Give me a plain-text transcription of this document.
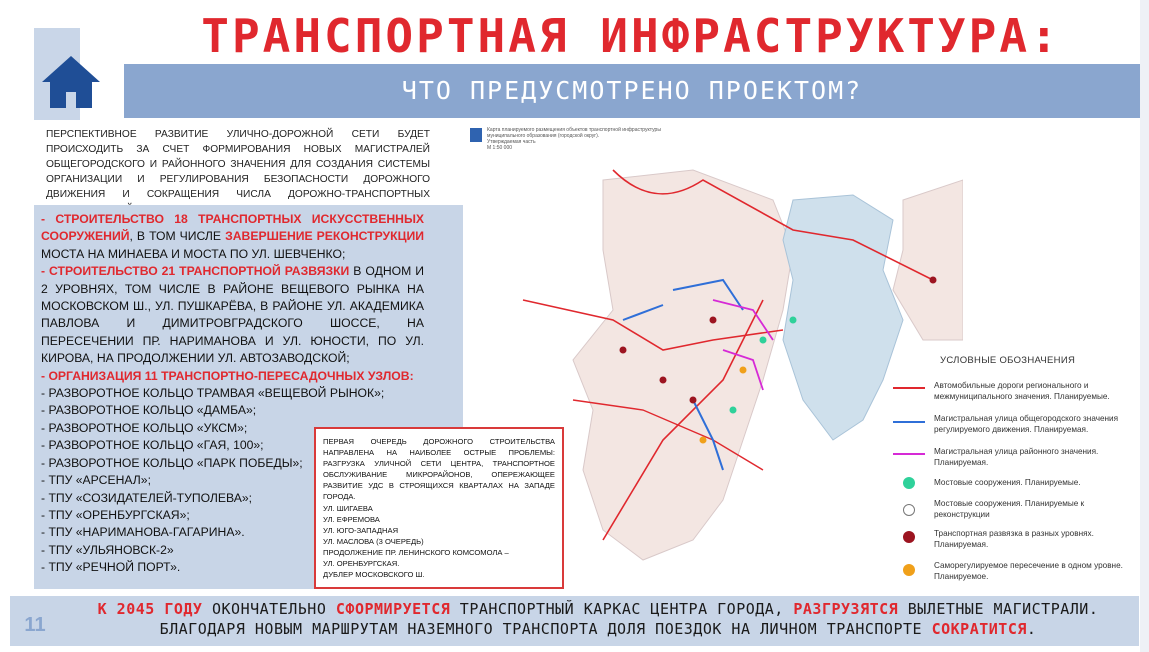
ТРАНСПОРТНАЯ ИНФРАСТРУКТУРА:
ЧТО ПРЕДУСМОТРЕНО ПРОЕКТОМ?
ПЕРСПЕКТИВНОЕ РАЗВИТИЕ УЛИЧНО-ДОРОЖНОЙ СЕТИ БУДЕТ ПРОИСХОДИТЬ ЗА СЧЕТ ФОРМИРОВАНИЯ НОВЫХ МАГИСТРАЛЕЙ ОБЩЕГОРОДСКОГО И РАЙОННОГО ЗНАЧЕНИЯ ДЛЯ СОЗДАНИЯ СИСТЕМЫ ОРГАНИЗАЦИИ И РЕГУЛИРОВАНИЯ БЕЗОПАСНОСТИ ДОРОЖНОГО ДВИЖЕНИЯ И СОКРАЩЕНИЯ ЧИСЛА ДОРОЖНО-ТРАНСПОРТНЫХ

- СТРОИТЕЛЬСТВО 18 ТРАНСПОРТНЫХ ИСКУССТВЕННЫХ СООРУЖЕНИЙ, В ТОМ ЧИСЛЕ ЗАВЕРШЕНИЕ РЕКОНСТРУКЦИИ МОСТА НА МИНАЕВА И МОСТА ПО УЛ. ШЕВЧЕНКО;

- СТРОИТЕЛЬСТВО 21 ТРАНСПОРТНОЙ РАЗВЯЗКИ В ОДНОМ И 2 УРОВНЯХ, ТОМ ЧИСЛЕ В РАЙОНЕ ВЕЩЕВОГО РЫНКА НА МОСКОВСКОМ Ш., УЛ. ПУШКАРЁВА, В РАЙОНЕ УЛ. АКАДЕМИКА ПАВЛОВА И ДИМИТРОВГРАДСКОГО ШОССЕ, НА ПЕРЕСЕЧЕНИИ ПР. НАРИМАНОВА И УЛ. ЮНОСТИ, ПО УЛ. КИРОВА, НА ПРОДОЛЖЕНИИ УЛ. АВТОЗАВОДСКОЙ;

- ОРГАНИЗАЦИЯ 11 ТРАНСПОРТНО-ПЕРЕСАДОЧНЫХ УЗЛОВ:

- РАЗВОРОТНОЕ КОЛЬЦО ТРАМВАЯ «ВЕЩЕВОЙ РЫНОК»;
- РАЗВОРОТНОЕ КОЛЬЦО «ДАМБА»;
- РАЗВОРОТНОЕ КОЛЬЦО «УКСМ»;
- РАЗВОРОТНОЕ КОЛЬЦО «ГАЯ, 100»;
- РАЗВОРОТНОЕ КОЛЬЦО «ПАРК ПОБЕДЫ»;
- ТПУ «АРСЕНАЛ»;
- ТПУ «СОЗИДАТЕЛЕЙ-ТУПОЛЕВА»;
- ТПУ «ОРЕНБУРГСКАЯ»;
- ТПУ «НАРИМАНОВА-ГАГАРИНА».
- ТПУ «УЛЬЯНОВСК-2»
- ТПУ «РЕЧНОЙ ПОРТ».
Карта планируемого размещения объектов транспортной инфраструктуры
муниципального образования (городской округ).
Утверждаемая часть
М 1:50 000
УСЛОВНЫЕ ОБОЗНАЧЕНИЯ
Автомобильные дороги регионального и межмуниципального значения. Планируемые.
Магистральная улица общегородского значения регулируемого движения. Планируемая.
Магистральная улица районного значения. Планируемая.
Мостовые сооружения. Планируемые.
Мостовые сооружения. Планируемые к реконструкции
Транспортная развязка в разных уровнях. Планируемая.
Саморегулируемое пересечение в одном уровне. Планируемое.
ПЕРВАЯ ОЧЕРЕДЬ ДОРОЖНОГО СТРОИТЕЛЬСТВА НАПРАВЛЕНА НА НАИБОЛЕЕ ОСТРЫЕ ПРОБЛЕМЫ: РАЗГРУЗКА УЛИЧНОЙ СЕТИ ЦЕНТРА, ТРАНСПОРТНОЕ ОБСЛУЖИВАНИЕ МИКРОРАЙОНОВ, ОПЕРЕЖАЮЩЕЕ РАЗВИТИЕ УДС В СТРОЯЩИХСЯ КВАРТАЛАХ НА ЗАПАДЕ ГОРОДА.
УЛ. ШИГАЕВА
УЛ. ЕФРЕМОВА
УЛ. ЮГО-ЗАПАДНАЯ
УЛ. МАСЛОВА (3 ОЧЕРЕДЬ)
ПРОДОЛЖЕНИЕ ПР. ЛЕНИНСКОГО КОМСОМОЛА –
УЛ. ОРЕНБУРГСКАЯ.
ДУБЛЕР МОСКОВСКОГО Ш.
11
К 2045 ГОДУ ОКОНЧАТЕЛЬНО СФОРМИРУЕТСЯ ТРАНСПОРТНЫЙ КАРКАС ЦЕНТРА ГОРОДА, РАЗГРУЗЯТСЯ ВЫЛЕТНЫЕ МАГИСТРАЛИ.
БЛАГОДАРЯ НОВЫМ МАРШРУТАМ НАЗЕМНОГО ТРАНСПОРТА ДОЛЯ ПОЕЗДОК НА ЛИЧНОМ ТРАНСПОРТЕ СОКРАТИТСЯ.
